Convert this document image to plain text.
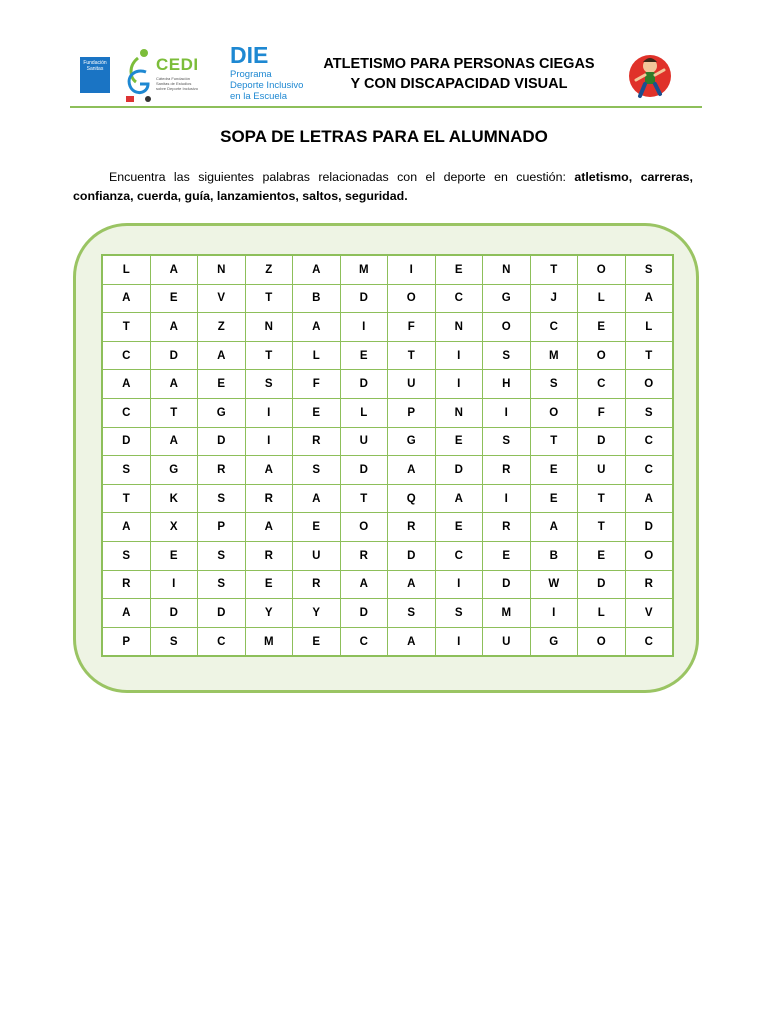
Fundación Sanitas	CEDI
Cátedra Fundación Sanitas de Estudios sobre Deporte Inclusivo
DIE
Programa
Deporte Inclusivo
en la Escuela
ATLETISMO PARA PERSONAS CIEGAS
Y CON DISCAPACIDAD VISUAL
SOPA DE LETRAS PARA EL ALUMNADO
Encuentra las siguientes palabras relacionadas con el deporte en cuestión: atletismo, carreras, confianza, cuerda, guía, lanzamientos, saltos, seguridad.
L	A	N	Z	A	M	I	E	N	T	O	S
A	E	V	T	B	D	O	C	G	J	L	A
T	A	Z	N	A	I	F	N	O	C	E	L
C	D	A	T	L	E	T	I	S	M	O	T
A	A	E	S	F	D	U	I	H	S	C	O
C	T	G	I	E	L	P	N	I	O	F	S
D	A	D	I	R	U	G	E	S	T	D	C
S	G	R	A	S	D	A	D	R	E	U	C
T	K	S	R	A	T	Q	A	I	E	T	A
A	X	P	A	E	O	R	E	R	A	T	D
S	E	S	R	U	R	D	C	E	B	E	O
R	I	S	E	R	A	A	I	D	W	D	R
A	D	D	Y	Y	D	S	S	M	I	L	V
P	S	C	M	E	C	A	I	U	G	O	C
